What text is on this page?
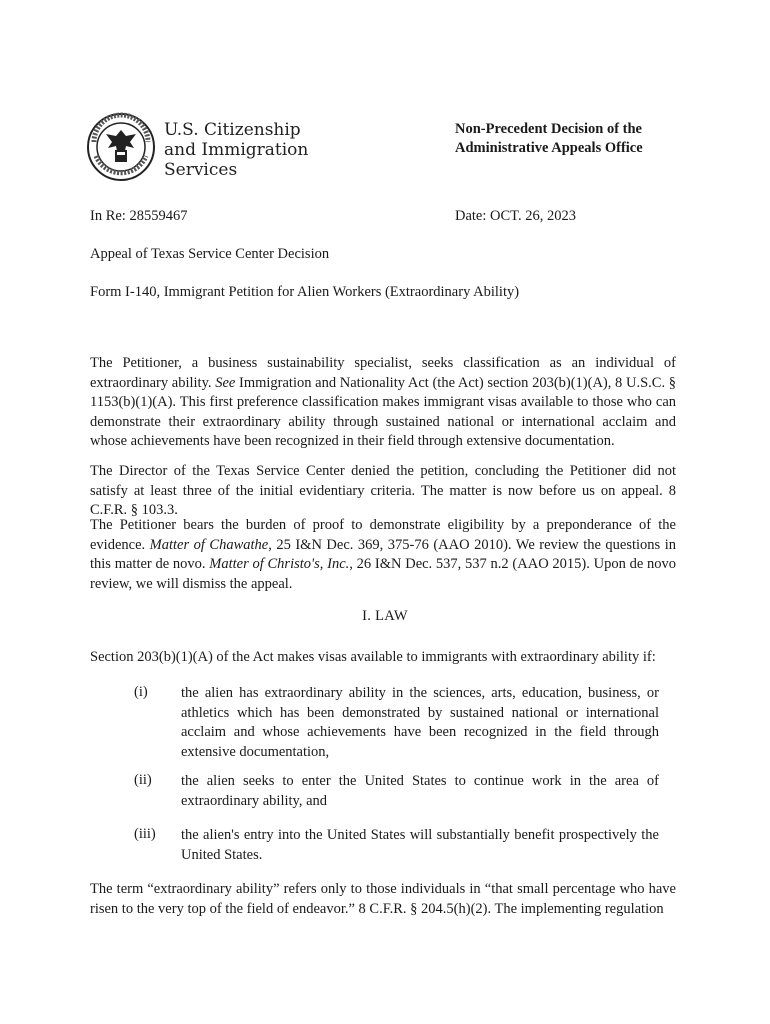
U.S. Citizenship
and Immigration
Services
Non-Precedent Decision of the
Administrative Appeals Office
In Re: 28559467	Date: OCT. 26, 2023
Appeal of Texas Service Center Decision
Form I-140, Immigrant Petition for Alien Workers (Extraordinary Ability)

The Petitioner, a business sustainability specialist, seeks classification as an individual of extraordinary ability. See Immigration and Nationality Act (the Act) section 203(b)(1)(A), 8 U.S.C. § 1153(b)(1)(A). This first preference classification makes immigrant visas available to those who can demonstrate their extraordinary ability through sustained national or international acclaim and whose achievements have been recognized in their field through extensive documentation.

The Director of the Texas Service Center denied the petition, concluding the Petitioner did not satisfy at least three of the initial evidentiary criteria. The matter is now before us on appeal. 8 C.F.R. § 103.3.

The Petitioner bears the burden of proof to demonstrate eligibility by a preponderance of the evidence. Matter of Chawathe, 25 I&N Dec. 369, 375-76 (AAO 2010). We review the questions in this matter de novo. Matter of Christo's, Inc., 26 I&N Dec. 537, 537 n.2 (AAO 2015). Upon de novo review, we will dismiss the appeal.

I. LAW

Section 203(b)(1)(A) of the Act makes visas available to immigrants with extraordinary ability if:

(i) the alien has extraordinary ability in the sciences, arts, education, business, or athletics which has been demonstrated by sustained national or international acclaim and whose achievements have been recognized in the field through extensive documentation,

(ii) the alien seeks to enter the United States to continue work in the area of extraordinary ability, and

(iii) the alien's entry into the United States will substantially benefit prospectively the United States.

The term “extraordinary ability” refers only to those individuals in “that small percentage who have risen to the very top of the field of endeavor.” 8 C.F.R. § 204.5(h)(2). The implementing regulation
